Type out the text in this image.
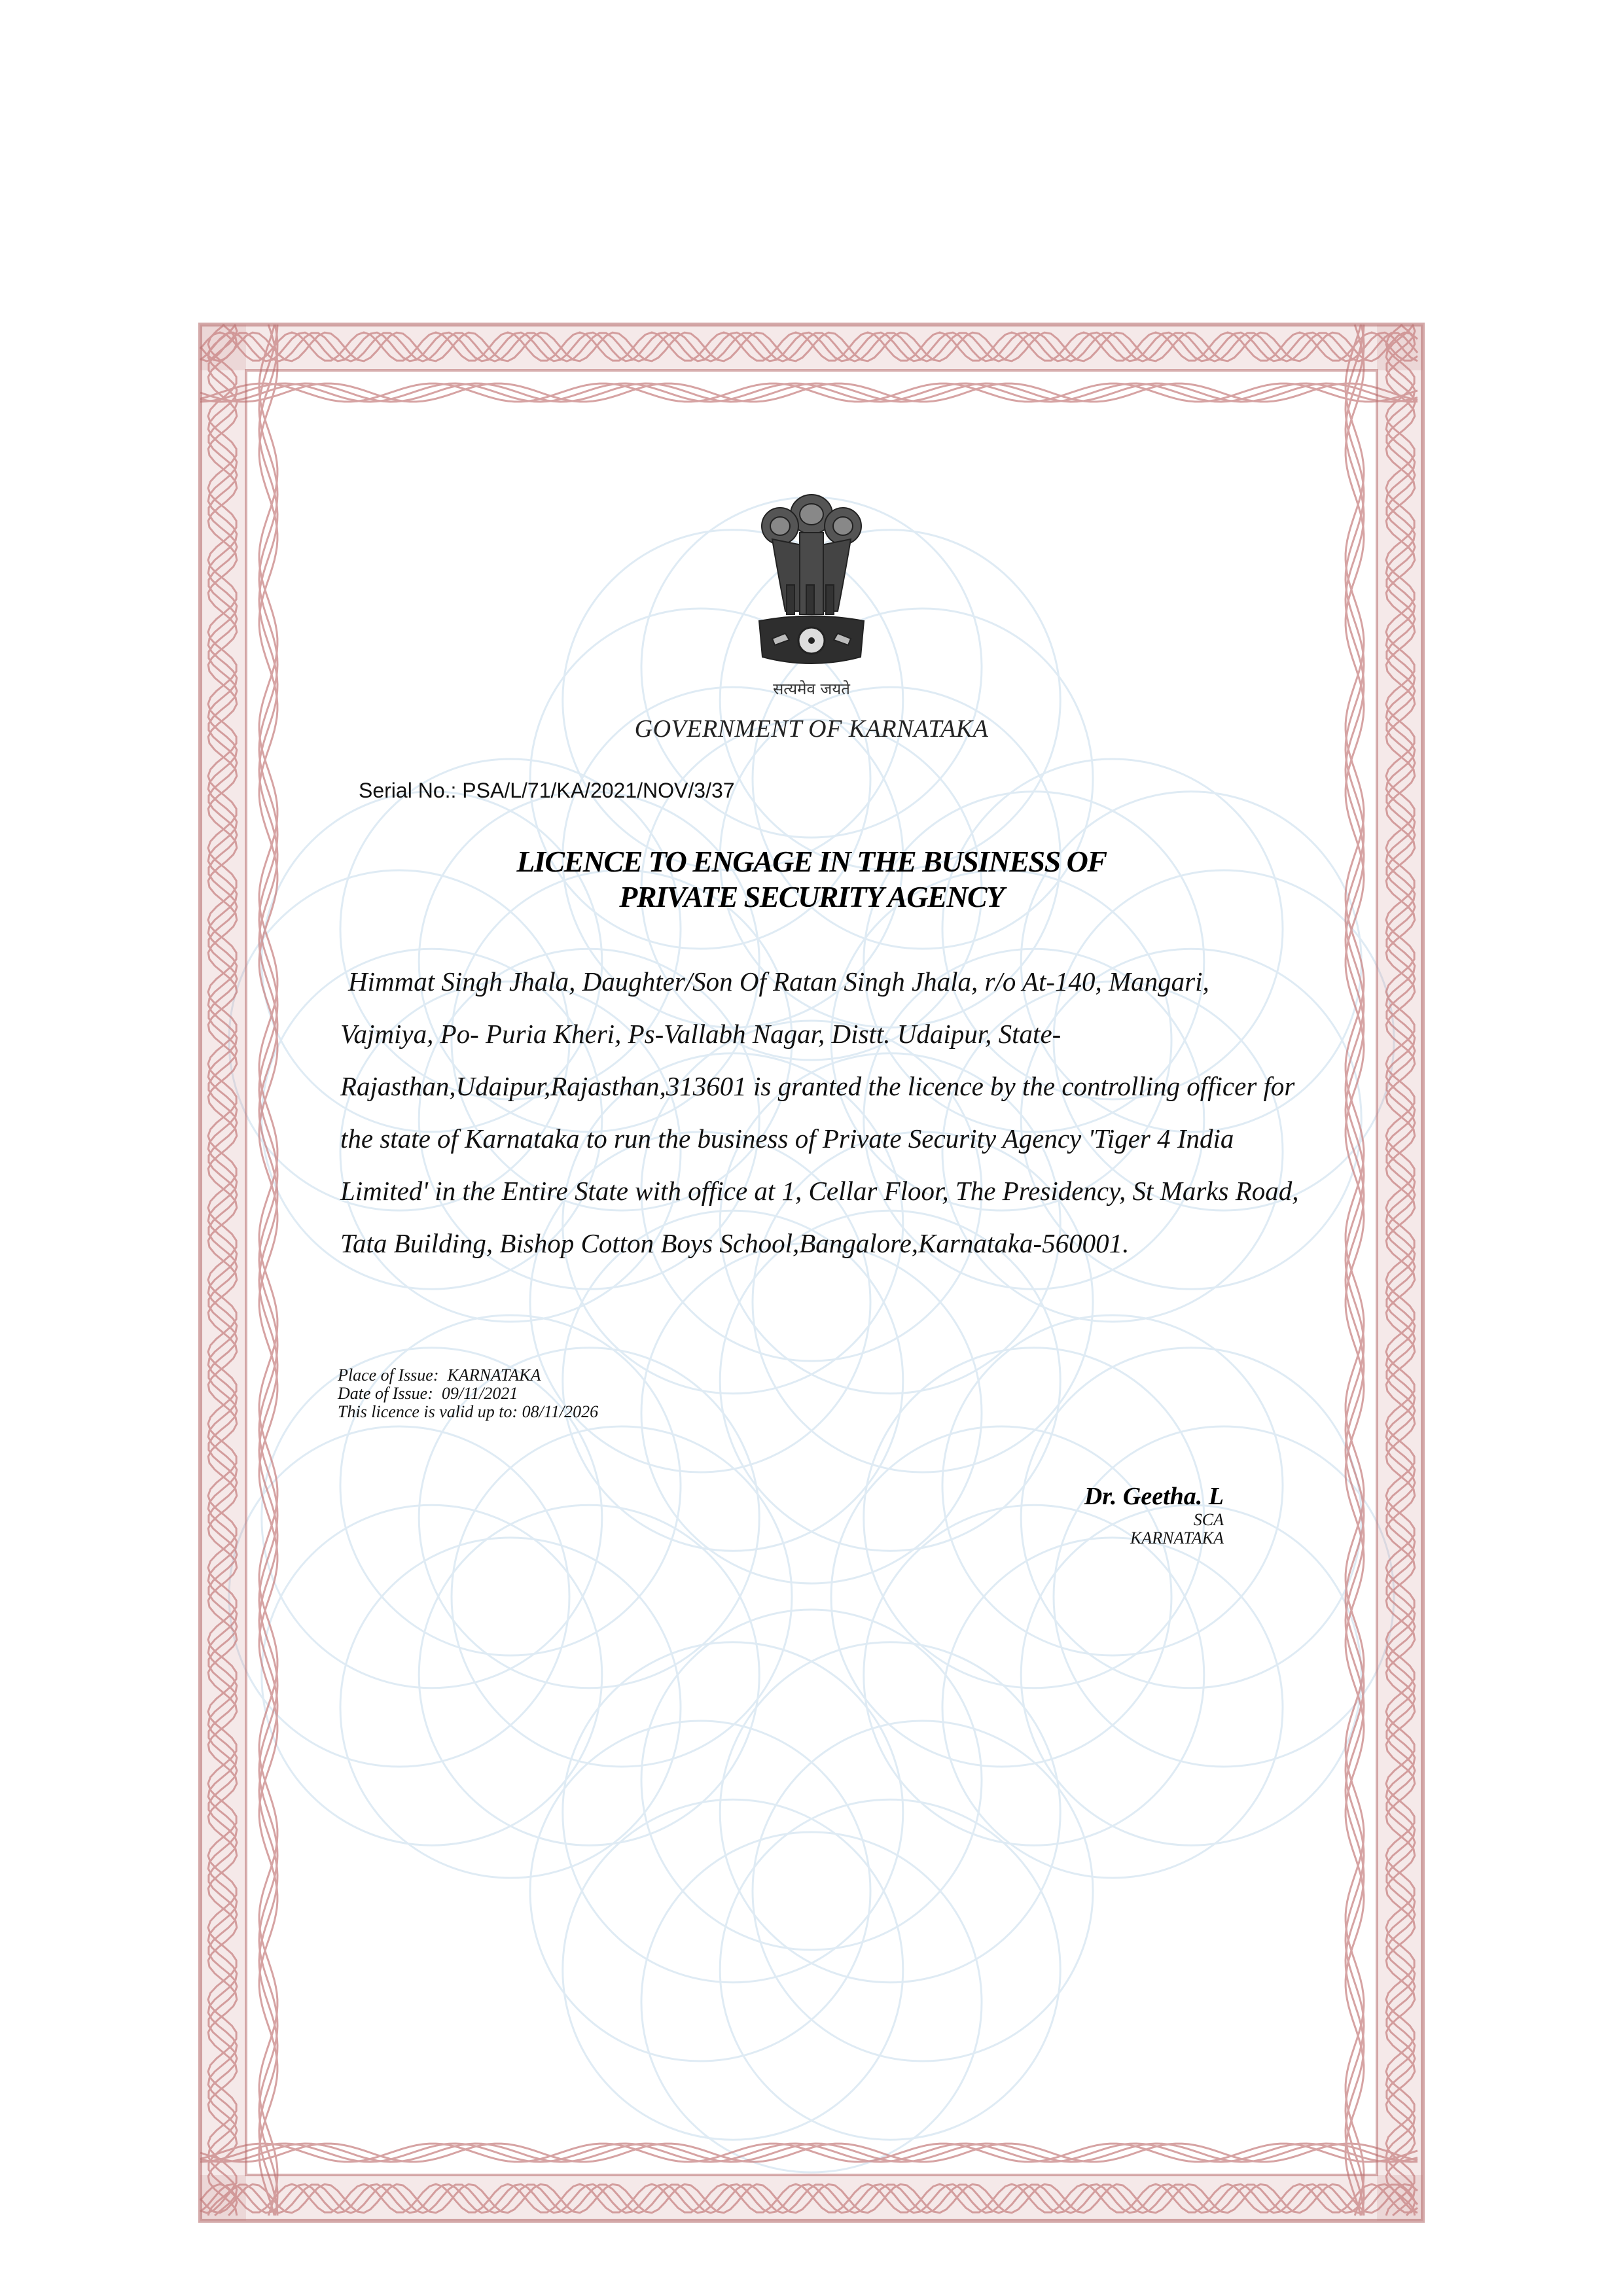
सत्यमेव जयते
GOVERNMENT OF KARNATAKA
Serial No.: PSA/L/71/KA/2021/NOV/3/37
LICENCE TO ENGAGE IN THE BUSINESS OF
PRIVATE SECURITY AGENCY

Himmat Singh Jhala, Daughter/Son Of Ratan Singh Jhala, r/o At-140, Mangari, Vajmiya, Po- Puria Kheri, Ps-Vallabh Nagar, Distt. Udaipur, State-Rajasthan,Udaipur,Rajasthan,313601 is granted the licence by the controlling officer for the state of Karnataka to run the business of Private Security Agency 'Tiger 4 India Limited' in the Entire State with office at 1, Cellar Floor, The Presidency, St Marks Road, Tata Building, Bishop Cotton Boys School,Bangalore,Karnataka-560001.

Place of Issue: KARNATAKA
Date of Issue: 09/11/2021
This licence is valid up to: 08/11/2026
Dr. Geetha. L
SCA
KARNATAKA
